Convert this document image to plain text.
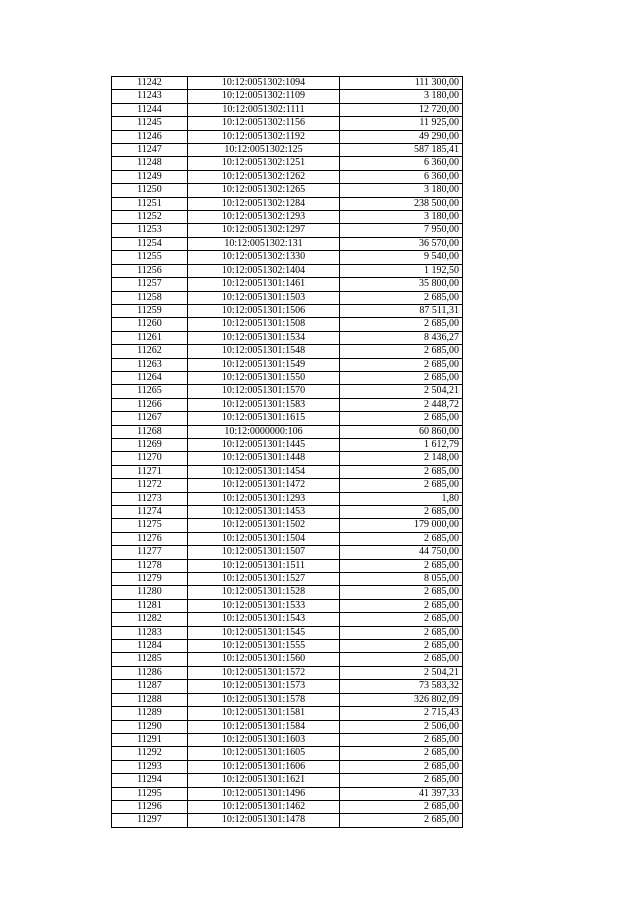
11242	10:12:0051302:1094	111 300,00
11243	10:12:0051302:1109	3 180,00
11244	10:12:0051302:1111	12 720,00
11245	10:12:0051302:1156	11 925,00
11246	10:12:0051302:1192	49 290,00
11247	10:12:0051302:125	587 185,41
11248	10:12:0051302:1251	6 360,00
11249	10:12:0051302:1262	6 360,00
11250	10:12:0051302:1265	3 180,00
11251	10:12:0051302:1284	238 500,00
11252	10:12:0051302:1293	3 180,00
11253	10:12:0051302:1297	7 950,00
11254	10:12:0051302:131	36 570,00
11255	10:12:0051302:1330	9 540,00
11256	10:12:0051302:1404	1 192,50
11257	10:12:0051301:1461	35 800,00
11258	10:12:0051301:1503	2 685,00
11259	10:12:0051301:1506	87 511,31
11260	10:12:0051301:1508	2 685,00
11261	10:12:0051301:1534	8 436,27
11262	10:12:0051301:1548	2 685,00
11263	10:12:0051301:1549	2 685,00
11264	10:12:0051301:1550	2 685,00
11265	10:12:0051301:1570	2 504,21
11266	10:12:0051301:1583	2 448,72
11267	10:12:0051301:1615	2 685,00
11268	10:12:0000000:106	60 860,00
11269	10:12:0051301:1445	1 612,79
11270	10:12:0051301:1448	2 148,00
11271	10:12:0051301:1454	2 685,00
11272	10:12:0051301:1472	2 685,00
11273	10:12:0051301:1293	1,80
11274	10:12:0051301:1453	2 685,00
11275	10:12:0051301:1502	179 000,00
11276	10:12:0051301:1504	2 685,00
11277	10:12:0051301:1507	44 750,00
11278	10:12:0051301:1511	2 685,00
11279	10:12:0051301:1527	8 055,00
11280	10:12:0051301:1528	2 685,00
11281	10:12:0051301:1533	2 685,00
11282	10:12:0051301:1543	2 685,00
11283	10:12:0051301:1545	2 685,00
11284	10:12:0051301:1555	2 685,00
11285	10:12:0051301:1560	2 685,00
11286	10:12:0051301:1572	2 504,21
11287	10:12:0051301:1573	73 583,32
11288	10:12:0051301:1578	326 802,09
11289	10:12:0051301:1581	2 715,43
11290	10:12:0051301:1584	2 506,00
11291	10:12:0051301:1603	2 685,00
11292	10:12:0051301:1605	2 685,00
11293	10:12:0051301:1606	2 685,00
11294	10:12:0051301:1621	2 685,00
11295	10:12:0051301:1496	41 397,33
11296	10:12:0051301:1462	2 685,00
11297	10:12:0051301:1478	2 685,00
